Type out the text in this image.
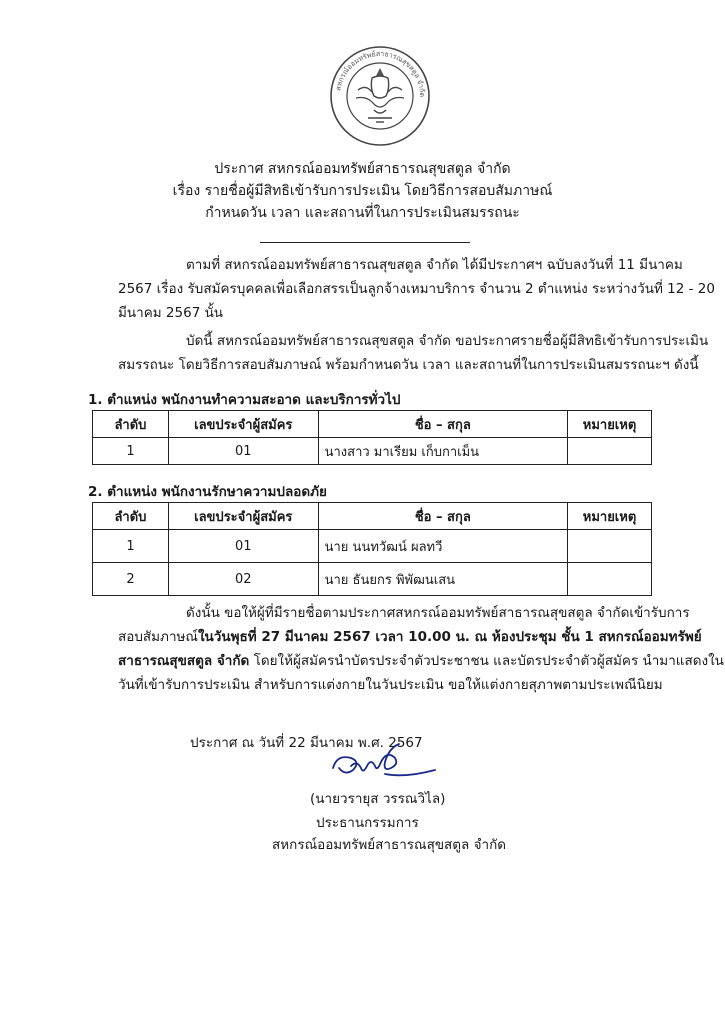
สหกรณ์ออมทรัพย์สาธารณสุขสตูล จำกัด
ประกาศ สหกรณ์ออมทรัพย์สาธารณสุขสตูล จำกัด
เรื่อง รายชื่อผู้มีสิทธิเข้ารับการประเมิน โดยวิธีการสอบสัมภาษณ์
กำหนดวัน เวลา และสถานที่ในการประเมินสมรรถนะ
ตามที่ สหกรณ์ออมทรัพย์สาธารณสุขสตูล จำกัด ได้มีประกาศฯ ฉบับลงวันที่ 11 มีนาคม
2567 เรื่อง รับสมัครบุคคลเพื่อเลือกสรรเป็นลูกจ้างเหมาบริการ จำนวน 2 ตำแหน่ง ระหว่างวันที่ 12 - 20
มีนาคม 2567 นั้น
บัดนี้ สหกรณ์ออมทรัพย์สาธารณสุขสตูล จำกัด ขอประกาศรายชื่อผู้มีสิทธิเข้ารับการประเมิน
สมรรถนะ โดยวิธีการสอบสัมภาษณ์ พร้อมกำหนดวัน เวลา และสถานที่ในการประเมินสมรรถนะฯ ดังนี้
1. ตำแหน่ง พนักงานทำความสะอาด และบริการทั่วไป
ลำดับ	เลขประจำผู้สมัคร	ชื่อ – สกุล	หมายเหตุ
1	01	นางสาว มาเรียม เก็บกาเม็น	
2. ตำแหน่ง พนักงานรักษาความปลอดภัย
ลำดับ	เลขประจำผู้สมัคร	ชื่อ – สกุล	หมายเหตุ
1	01	นาย นนทวัฒน์ ผลทวี	
2	02	นาย ธันยกร พิพัฒนเสน	
ดังนั้น ขอให้ผู้ที่มีรายชื่อตามประกาศสหกรณ์ออมทรัพย์สาธารณสุขสตูล จำกัดเข้ารับการ
สอบสัมภาษณ์ในวันพุธที่ 27 มีนาคม 2567 เวลา 10.00 น. ณ ห้องประชุม ชั้น 1 สหกรณ์ออมทรัพย์
สาธารณสุขสตูล จำกัด โดยให้ผู้สมัครนำบัตรประจำตัวประชาชน และบัตรประจำตัวผู้สมัคร นำมาแสดงใน
วันที่เข้ารับการประเมิน สำหรับการแต่งกายในวันประเมิน ขอให้แต่งกายสุภาพตามประเพณีนิยม
ประกาศ ณ วันที่ 22 มีนาคม พ.ศ. 2567
(นายวรายุส วรรณวิไล)
ประธานกรรมการ
สหกรณ์ออมทรัพย์สาธารณสุขสตูล จำกัด
